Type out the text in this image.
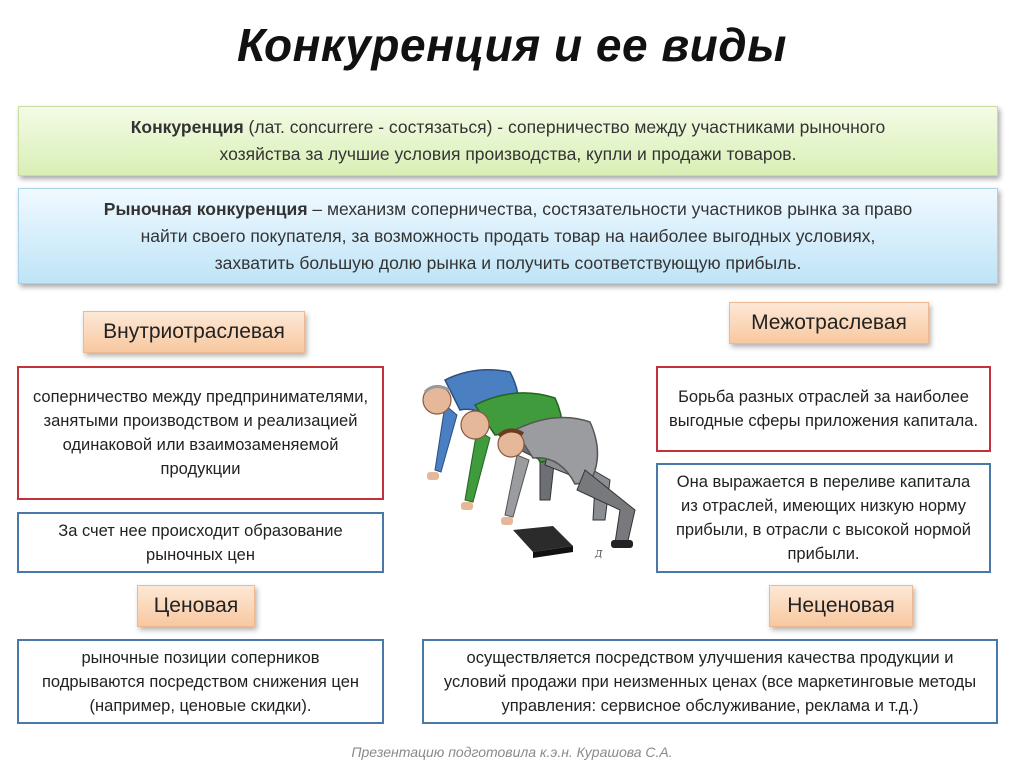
Конкуренция и ее виды
Конкуренция (лат. concurrere - состязаться) - соперничество между участниками рыночного
хозяйства за лучшие условия производства, купли и продажи товаров.
Рыночная конкуренция – механизм соперничества, состязательности участников рынка за право
найти своего покупателя, за возможность продать товар на наиболее выгодных условиях,
захватить большую долю рынка и получить соответствующую прибыль.
Внутриотраслевая	Межотраслевая
Ценовая	Неценовая
соперничество между предпринимателями, занятыми производством и реализацией одинаковой или взаимозаменяемой продукции
За счет нее происходит образование рыночных цен
Борьба разных отраслей за наиболее выгодные сферы приложения капитала.
Она выражается в переливе капитала из отраслей, имеющих низкую норму прибыли, в отрасли с высокой нормой прибыли.
рыночные позиции соперников подрываются посредством снижения цен (например, ценовые скидки).
осуществляется посредством улучшения качества продукции и условий продажи при неизменных ценах (все маркетинговые методы управления: сервисное обслуживание, реклама и т.д.)
Д
Презентацию подготовила к.э.н. Курашова С.А.
